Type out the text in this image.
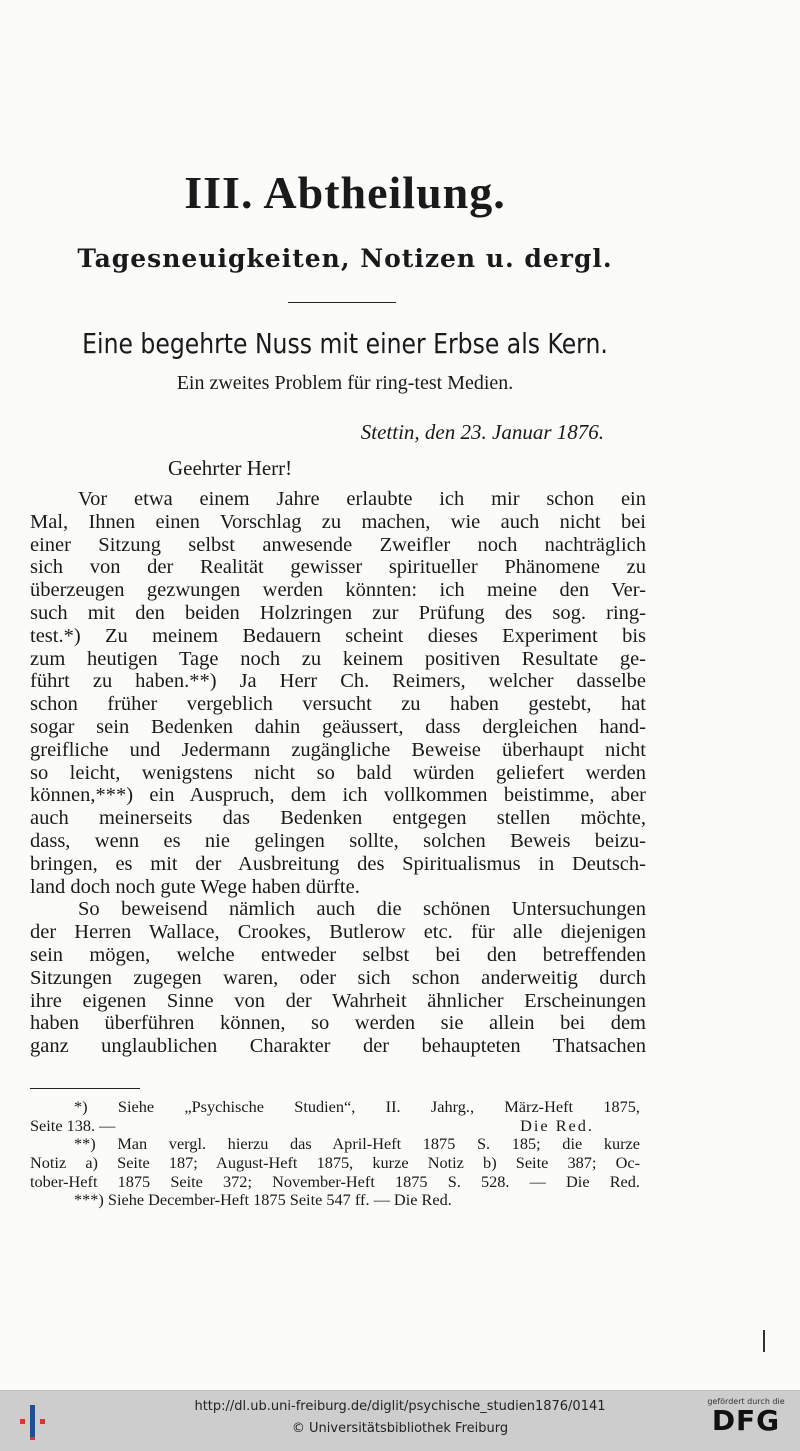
III. Abtheilung.
Tagesneuigkeiten, Notizen u. dergl.
Eine begehrte Nuss mit einer Erbse als Kern.
Ein zweites Problem für ring-test Medien.
Stettin, den 23. Januar 1876.
Geehrter Herr!
Vor etwa einem Jahre erlaubte ich mir schon ein
Mal, Ihnen einen Vorschlag zu machen, wie auch nicht bei
einer Sitzung selbst anwesende Zweifler noch nachträglich
sich von der Realität gewisser spiritueller Phänomene zu
überzeugen gezwungen werden könnten: ich meine den Ver-
such mit den beiden Holzringen zur Prüfung des sog. ring-
test.*) Zu meinem Bedauern scheint dieses Experiment bis
zum heutigen Tage noch zu keinem positiven Resultate ge-
führt zu haben.**) Ja Herr Ch. Reimers, welcher dasselbe
schon früher vergeblich versucht zu haben gestebt, hat
sogar sein Bedenken dahin geäussert, dass dergleichen hand-
greifliche und Jedermann zugängliche Beweise überhaupt nicht
so leicht, wenigstens nicht so bald würden geliefert werden
können,***) ein Auspruch, dem ich vollkommen beistimme, aber
auch meinerseits das Bedenken entgegen stellen möchte,
dass, wenn es nie gelingen sollte, solchen Beweis beizu-
bringen, es mit der Ausbreitung des Spiritualismus in Deutsch-
land doch noch gute Wege haben dürfte.
So beweisend nämlich auch die schönen Untersuchungen
der Herren Wallace, Crookes, Butlerow etc. für alle diejenigen
sein mögen, welche entweder selbst bei den betreffenden
Sitzungen zugegen waren, oder sich schon anderweitig durch
ihre eigenen Sinne von der Wahrheit ähnlicher Erscheinungen
haben überführen können, so werden sie allein bei dem
ganz unglaublichen Charakter der behaupteten Thatsachen
*) Siehe „Psychische Studien“, II. Jahrg., März-Heft 1875,
Seite 138. —	Die Red.
**) Man vergl. hierzu das April-Heft 1875 S. 185; die kurze
Notiz a) Seite 187; August-Heft 1875, kurze Notiz b) Seite 387; Oc-
tober-Heft 1875 Seite 372; November-Heft 1875 S. 528. — Die Red.
***) Siehe December-Heft 1875 Seite 547 ff. — Die Red.
http://dl.ub.uni-freiburg.de/diglit/psychische_studien1876/0141
© Universitätsbibliothek Freiburg
gefördert durch die
DFG
